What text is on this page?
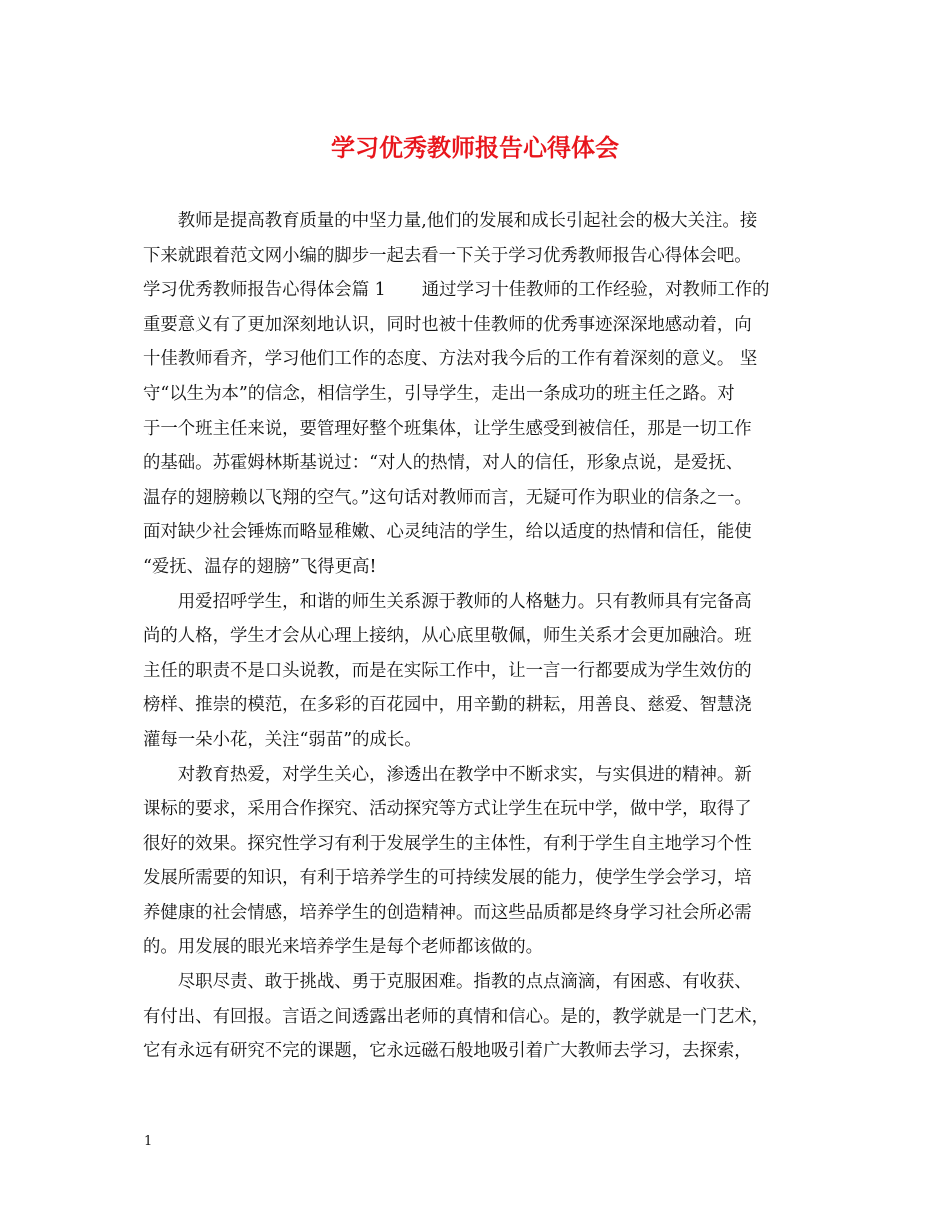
学习优秀教师报告心得体会
　　教师是提高教育质量的中坚力量,他们的发展和成长引起社会的极大关注。接
下来就跟着范文网小编的脚步一起去看一下关于学习优秀教师报告心得体会吧。
学习优秀教师报告心得体会篇 1 通过学习十佳教师的工作经验，对教师工作的
重要意义有了更加深刻地认识，同时也被十佳教师的优秀事迹深深地感动着，向
十佳教师看齐，学习他们工作的态度、方法对我今后的工作有着深刻的意义。 坚
守“以生为本”的信念，相信学生，引导学生，走出一条成功的班主任之路。对
于一个班主任来说，要管理好整个班集体，让学生感受到被信任，那是一切工作
的基础。苏霍姆林斯基说过：“对人的热情，对人的信任，形象点说，是爱抚、
温存的翅膀赖以飞翔的空气。”这句话对教师而言，无疑可作为职业的信条之一。
面对缺少社会锤炼而略显稚嫩、心灵纯洁的学生，给以适度的热情和信任，能使
“爱抚、温存的翅膀”飞得更高!
　　用爱招呼学生，和谐的师生关系源于教师的人格魅力。只有教师具有完备高
尚的人格，学生才会从心理上接纳，从心底里敬佩，师生关系才会更加融洽。班
主任的职责不是口头说教，而是在实际工作中，让一言一行都要成为学生效仿的
榜样、推崇的模范，在多彩的百花园中，用辛勤的耕耘，用善良、慈爱、智慧浇
灌每一朵小花，关注“弱苗”的成长。
　　对教育热爱，对学生关心，渗透出在教学中不断求实，与实俱进的精神。新
课标的要求，采用合作探究、活动探究等方式让学生在玩中学，做中学，取得了
很好的效果。探究性学习有利于发展学生的主体性，有利于学生自主地学习个性
发展所需要的知识，有利于培养学生的可持续发展的能力，使学生学会学习，培
养健康的社会情感，培养学生的创造精神。而这些品质都是终身学习社会所必需
的。用发展的眼光来培养学生是每个老师都该做的。
　　尽职尽责、敢于挑战、勇于克服困难。指教的点点滴滴，有困惑、有收获、
有付出、有回报。言语之间透露出老师的真情和信心。是的，教学就是一门艺术，
它有永远有研究不完的课题，它永远磁石般地吸引着广大教师去学习，去探索，
1
